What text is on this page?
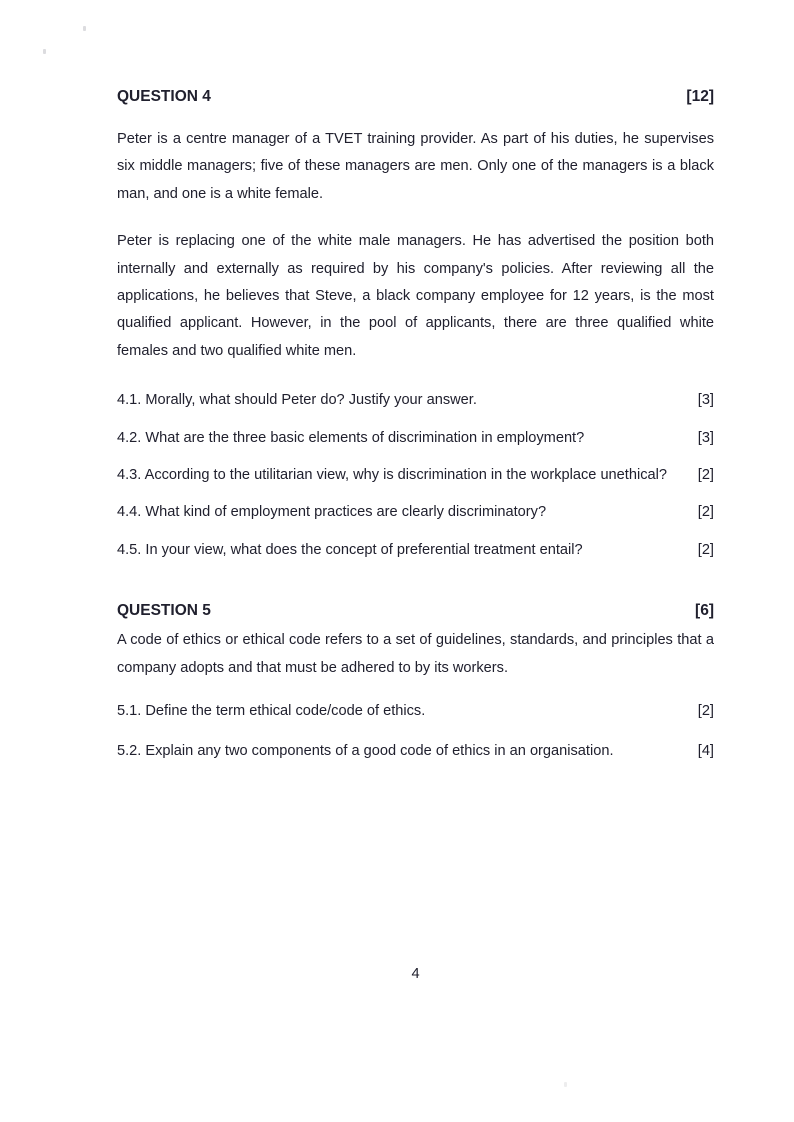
QUESTION 4	[12]

Peter is a centre manager of a TVET training provider. As part of his duties, he supervises six middle managers; five of these managers are men. Only one of the managers is a black man, and one is a white female.

Peter is replacing one of the white male managers. He has advertised the position both internally and externally as required by his company's policies. After reviewing all the applications, he believes that Steve, a black company employee for 12 years, is the most qualified applicant. However, in the pool of applicants, there are three qualified white females and two qualified white men.

4.1. Morally, what should Peter do? Justify your answer.	[3]
4.2. What are the three basic elements of discrimination in employment?	[3]
4.3. According to the utilitarian view, why is discrimination in the workplace unethical?	[2]
4.4. What kind of employment practices are clearly discriminatory?	[2]
4.5. In your view, what does the concept of preferential treatment entail?	[2]
QUESTION 5	[6]

A code of ethics or ethical code refers to a set of guidelines, standards, and principles that a company adopts and that must be adhered to by its workers.

5.1. Define the term ethical code/code of ethics.	[2]
5.2. Explain any two components of a good code of ethics in an organisation.	[4]
4
